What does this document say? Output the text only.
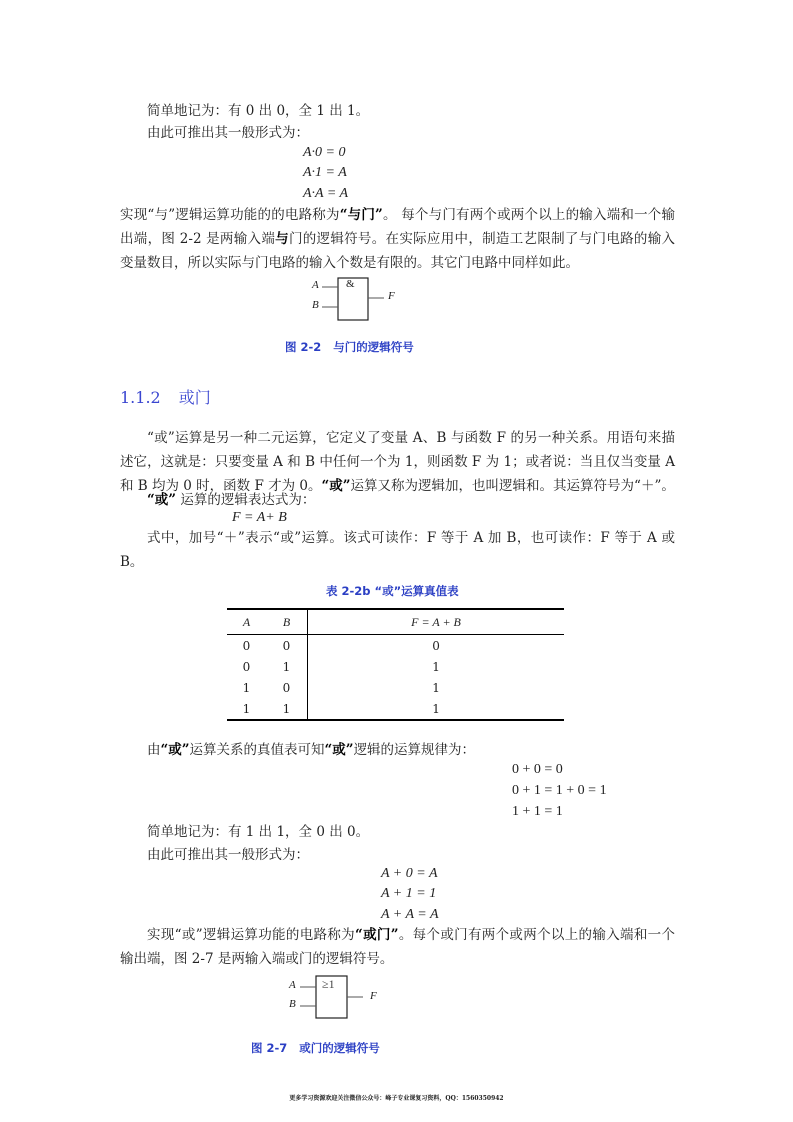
简单地记为：有 0 出 0，全 1 出 1。
由此可推出其一般形式为：
A·0 = 0
A·1 = A
A·A = A
实现“与”逻辑运算功能的的电路称为“与门”。 每个与门有两个或两个以上的输入端和一个输出端，图 2-2 是两输入端与门的逻辑符号。在实际应用中，制造工艺限制了与门电路的输入变量数目，所以实际与门电路的输入个数是有限的。其它门电路中同样如此。
A
B
&
F
图 2-2 与门的逻辑符号
1.1.2 或门
“或”运算是另一种二元运算，它定义了变量 A、B 与函数 F 的另一种关系。用语句来描述它，这就是：只要变量 A 和 B 中任何一个为 1，则函数 F 为 1；或者说：当且仅当变量 A 和 B 均为 0 时，函数 F 才为 0。“或”运算又称为逻辑加，也叫逻辑和。其运算符号为“＋”。
“或” 运算的逻辑表达式为：
F = A+ B
式中，加号“＋”表示“或”运算。该式可读作：F 等于 A 加 B，也可读作：F 等于 A 或 B。
表 2-2b “或”运算真值表
A	B	F = A + B
0	0	0
0	1	1
1	0	1
1	1	1
由“或”运算关系的真值表可知“或”逻辑的运算规律为：
0 + 0 = 0
0 + 1 = 1 + 0 = 1
1 + 1 = 1
简单地记为：有 1 出 1，全 0 出 0。
由此可推出其一般形式为：
A + 0 = A
A + 1 = 1
A + A = A
实现“或”逻辑运算功能的电路称为“或门”。每个或门有两个或两个以上的输入端和一个输出端，图 2-7 是两输入端或门的逻辑符号。
A
B
≥1
F
图 2-7 或门的逻辑符号
更多学习资源欢迎关注微信公众号：峰子专业课复习资料，QQ：1560350942
